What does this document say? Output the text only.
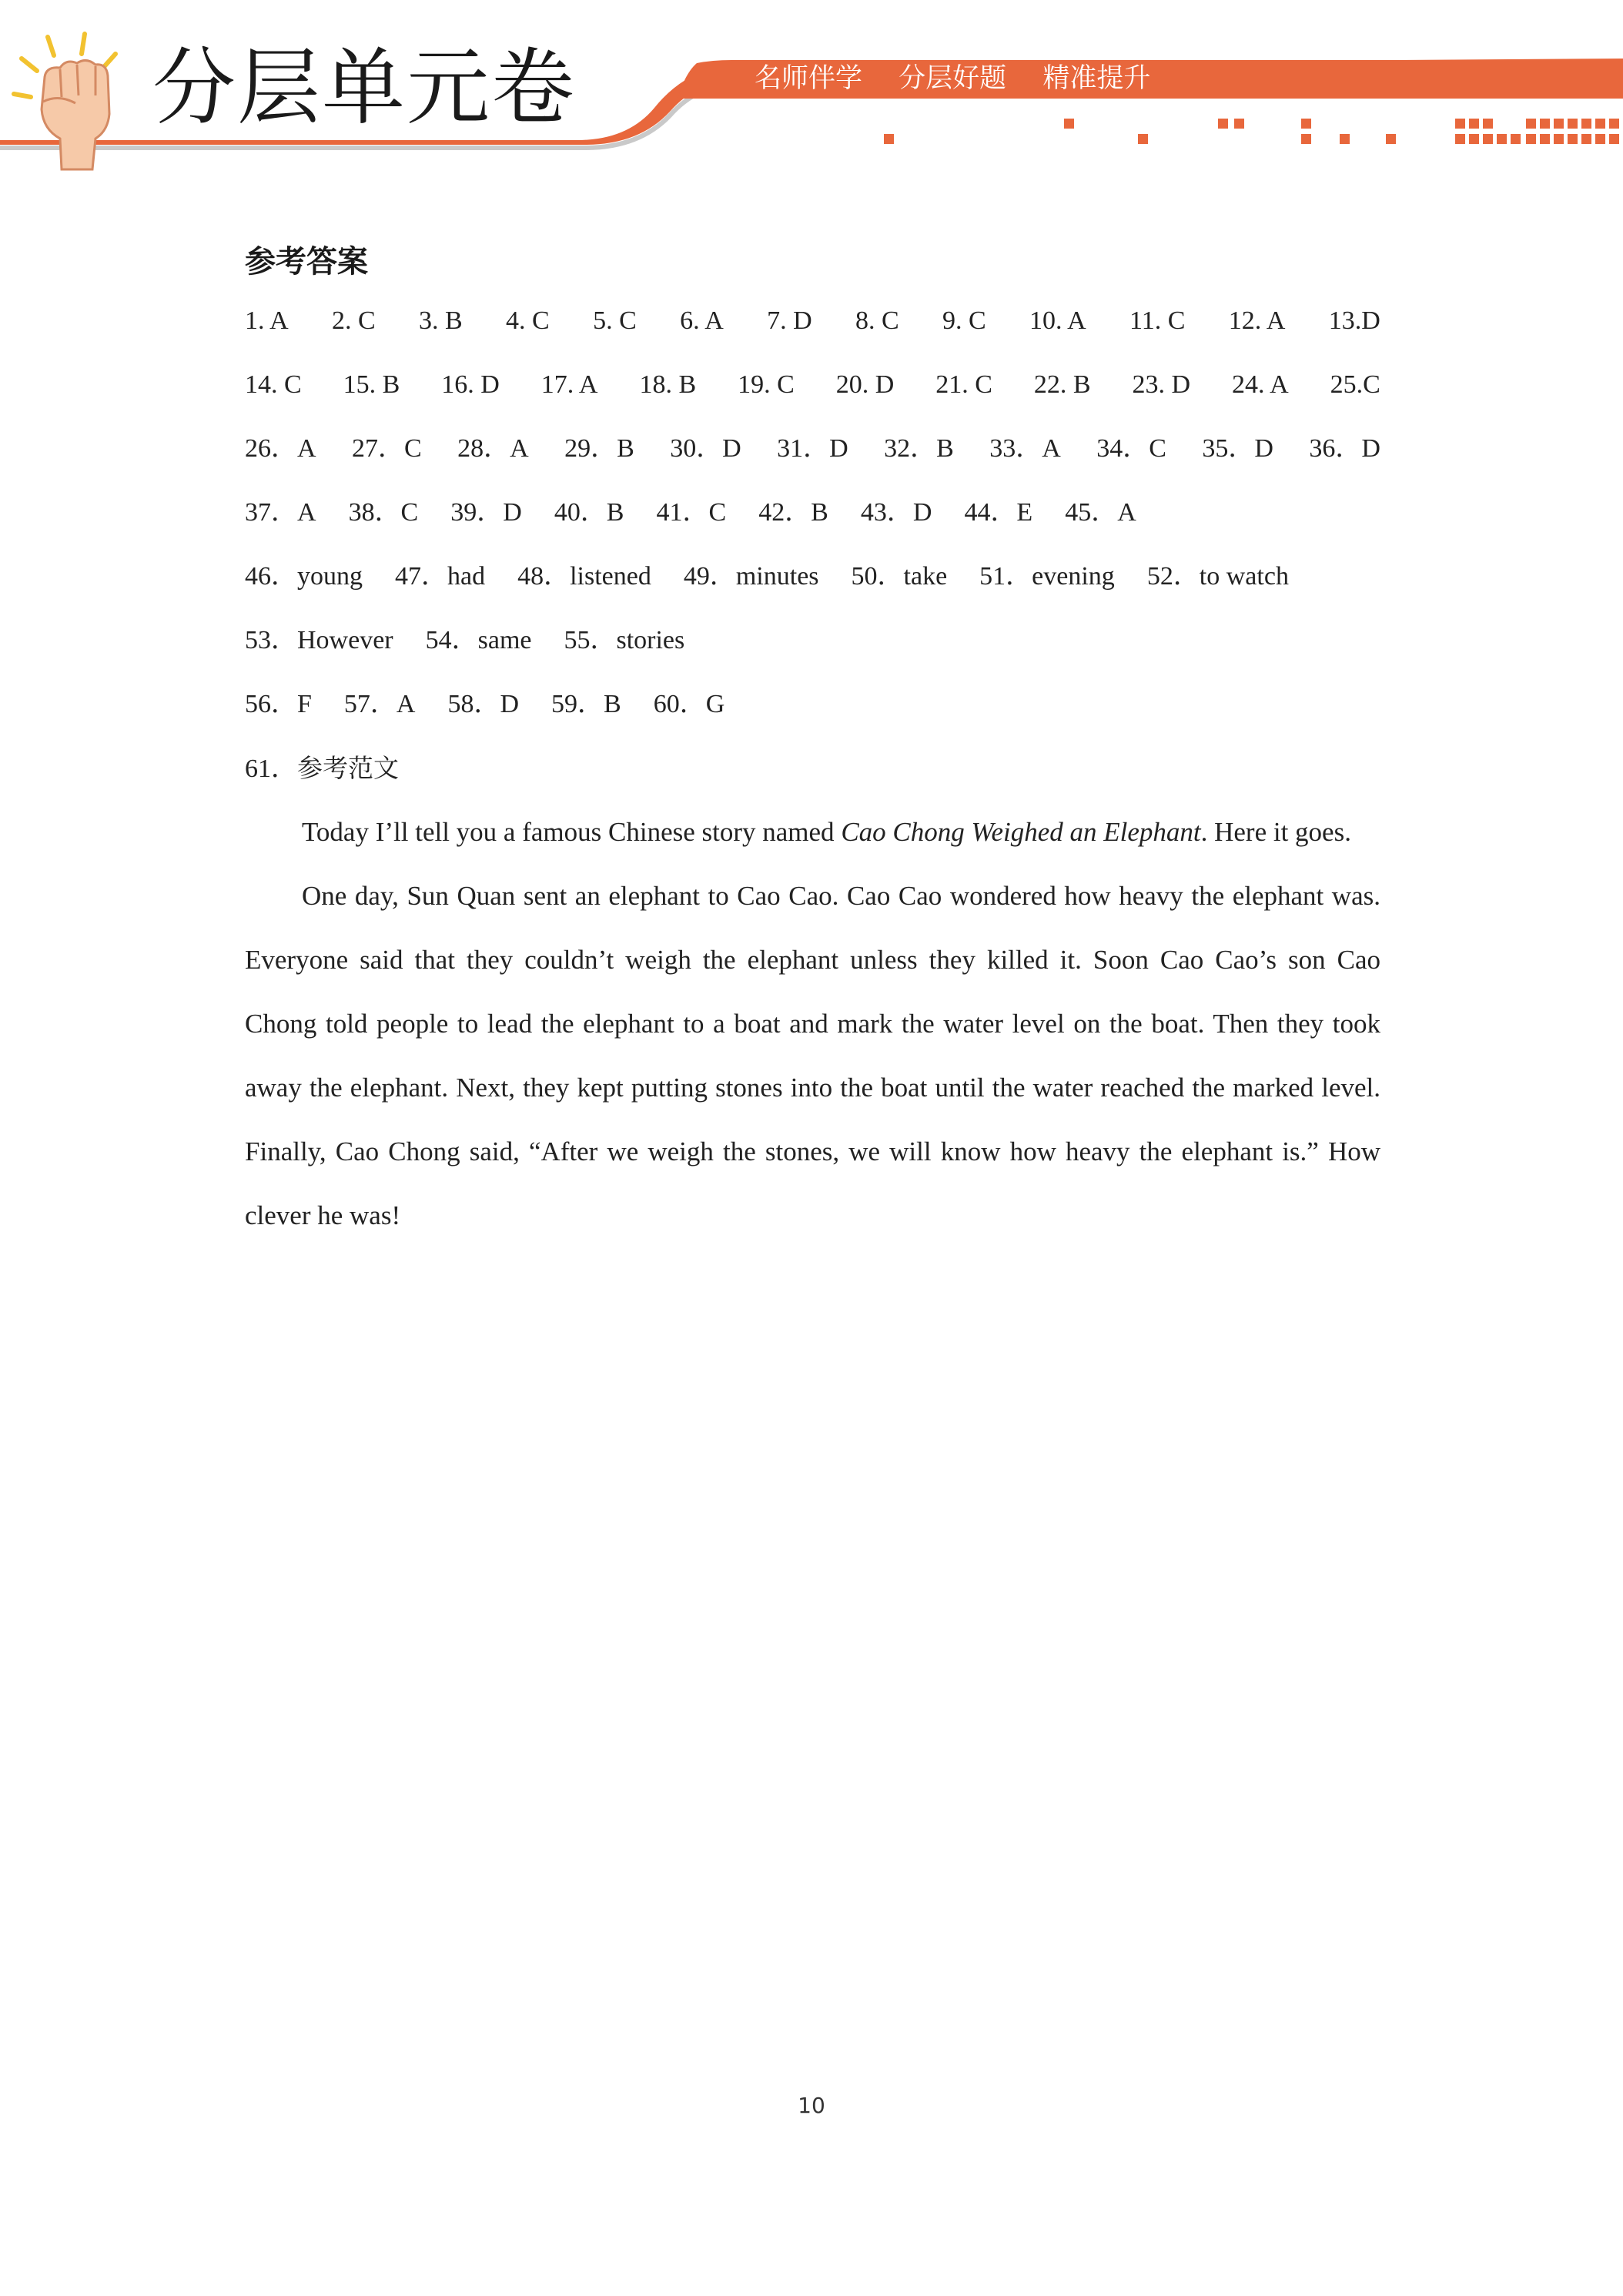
分层单元卷	名师伴学 分层好题 精准提升
参考答案
1. A 2. C 3. B 4. C 5. C 6. A 7. D 8. C 9. C 10. A 11. C 12. A 13.D
14. C 15. B 16. D 17. A 18. B 19. C 20. D 21. C 22. B 23. D 24. A 25.C
26．A 27．C 28．A 29．B 30．D 31．D 32．B 33．A 34．C 35．D 36．D
37．A 38．C 39．D 40．B 41．C 42．B 43．D 44．E 45．A
46．young 47．had 48．listened 49．minutes 50．take 51．evening 52．to watch
53．However 54．same 55．stories
56．F 57．A 58．D 59．B 60．G
61．参考范文

Today I’ll tell you a famous Chinese story named Cao Chong Weighed an Elephant. Here it goes.

One day, Sun Quan sent an elephant to Cao Cao. Cao Cao wondered how heavy the elephant was. Everyone said that they couldn’t weigh the elephant unless they killed it. Soon Cao Cao’s son Cao Chong told people to lead the elephant to a boat and mark the water level on the boat. Then they took away the elephant. Next, they kept putting stones into the boat until the water reached the marked level. Finally, Cao Chong said, “After we weigh the stones, we will know how heavy the elephant is.” How clever he was!

10
